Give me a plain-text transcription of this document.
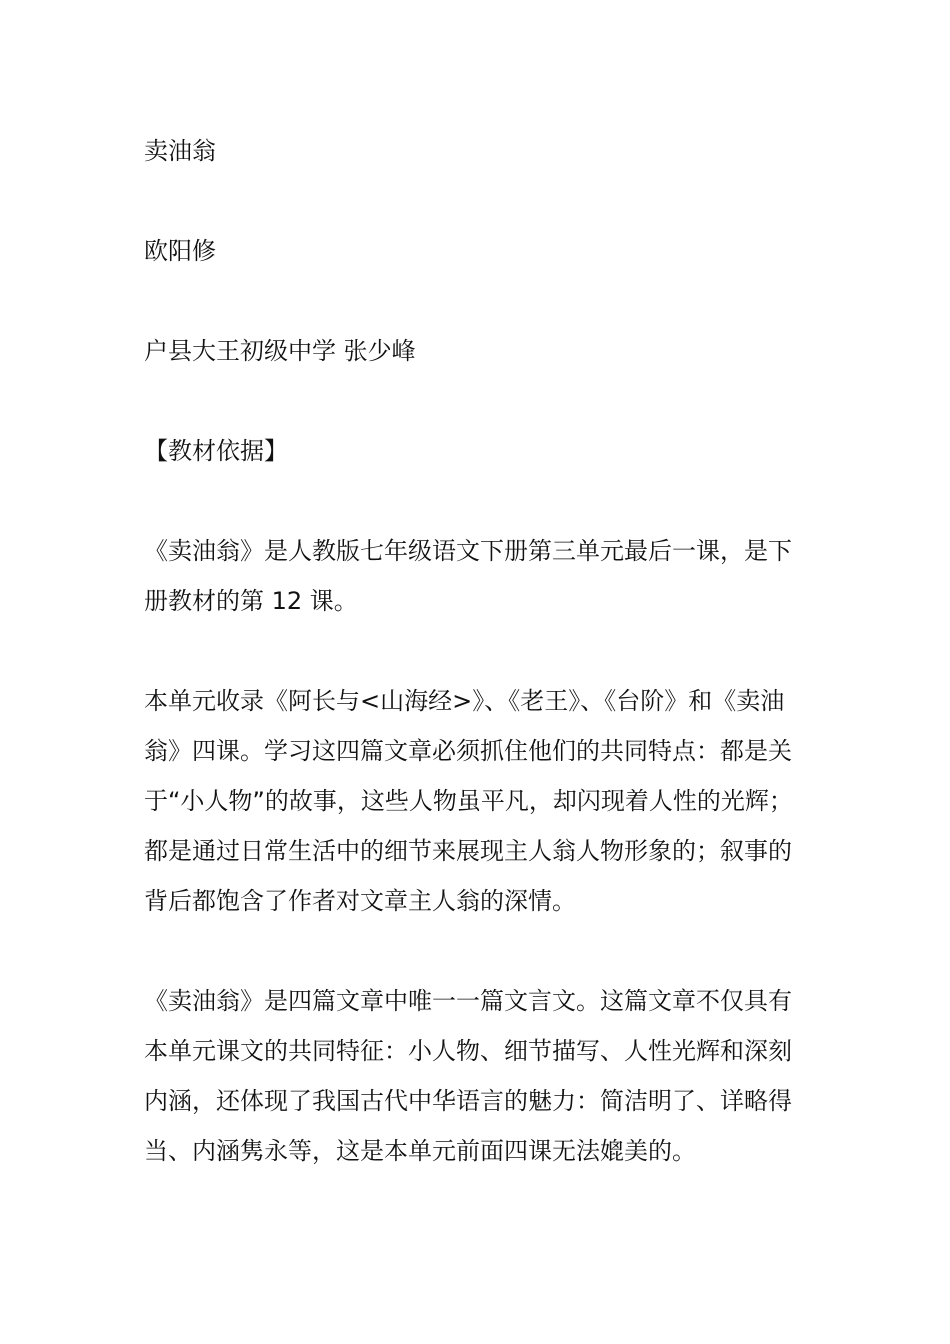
卖油翁
欧阳修
户县大王初级中学 张少峰
【教材依据】
《卖油翁》是人教版七年级语文下册第三单元最后一课，是下册教材的第 12 课。
本单元收录《阿长与<山海经>》、《老王》、《台阶》和《卖油翁》四课。学习这四篇文章必须抓住他们的共同特点：都是关于“小人物”的故事，这些人物虽平凡，却闪现着人性的光辉；都是通过日常生活中的细节来展现主人翁人物形象的；叙事的背后都饱含了作者对文章主人翁的深情。
《卖油翁》是四篇文章中唯一一篇文言文。这篇文章不仅具有本单元课文的共同特征：小人物、细节描写、人性光辉和深刻内涵，还体现了我国古代中华语言的魅力：简洁明了、详略得当、内涵隽永等，这是本单元前面四课无法媲美的。
